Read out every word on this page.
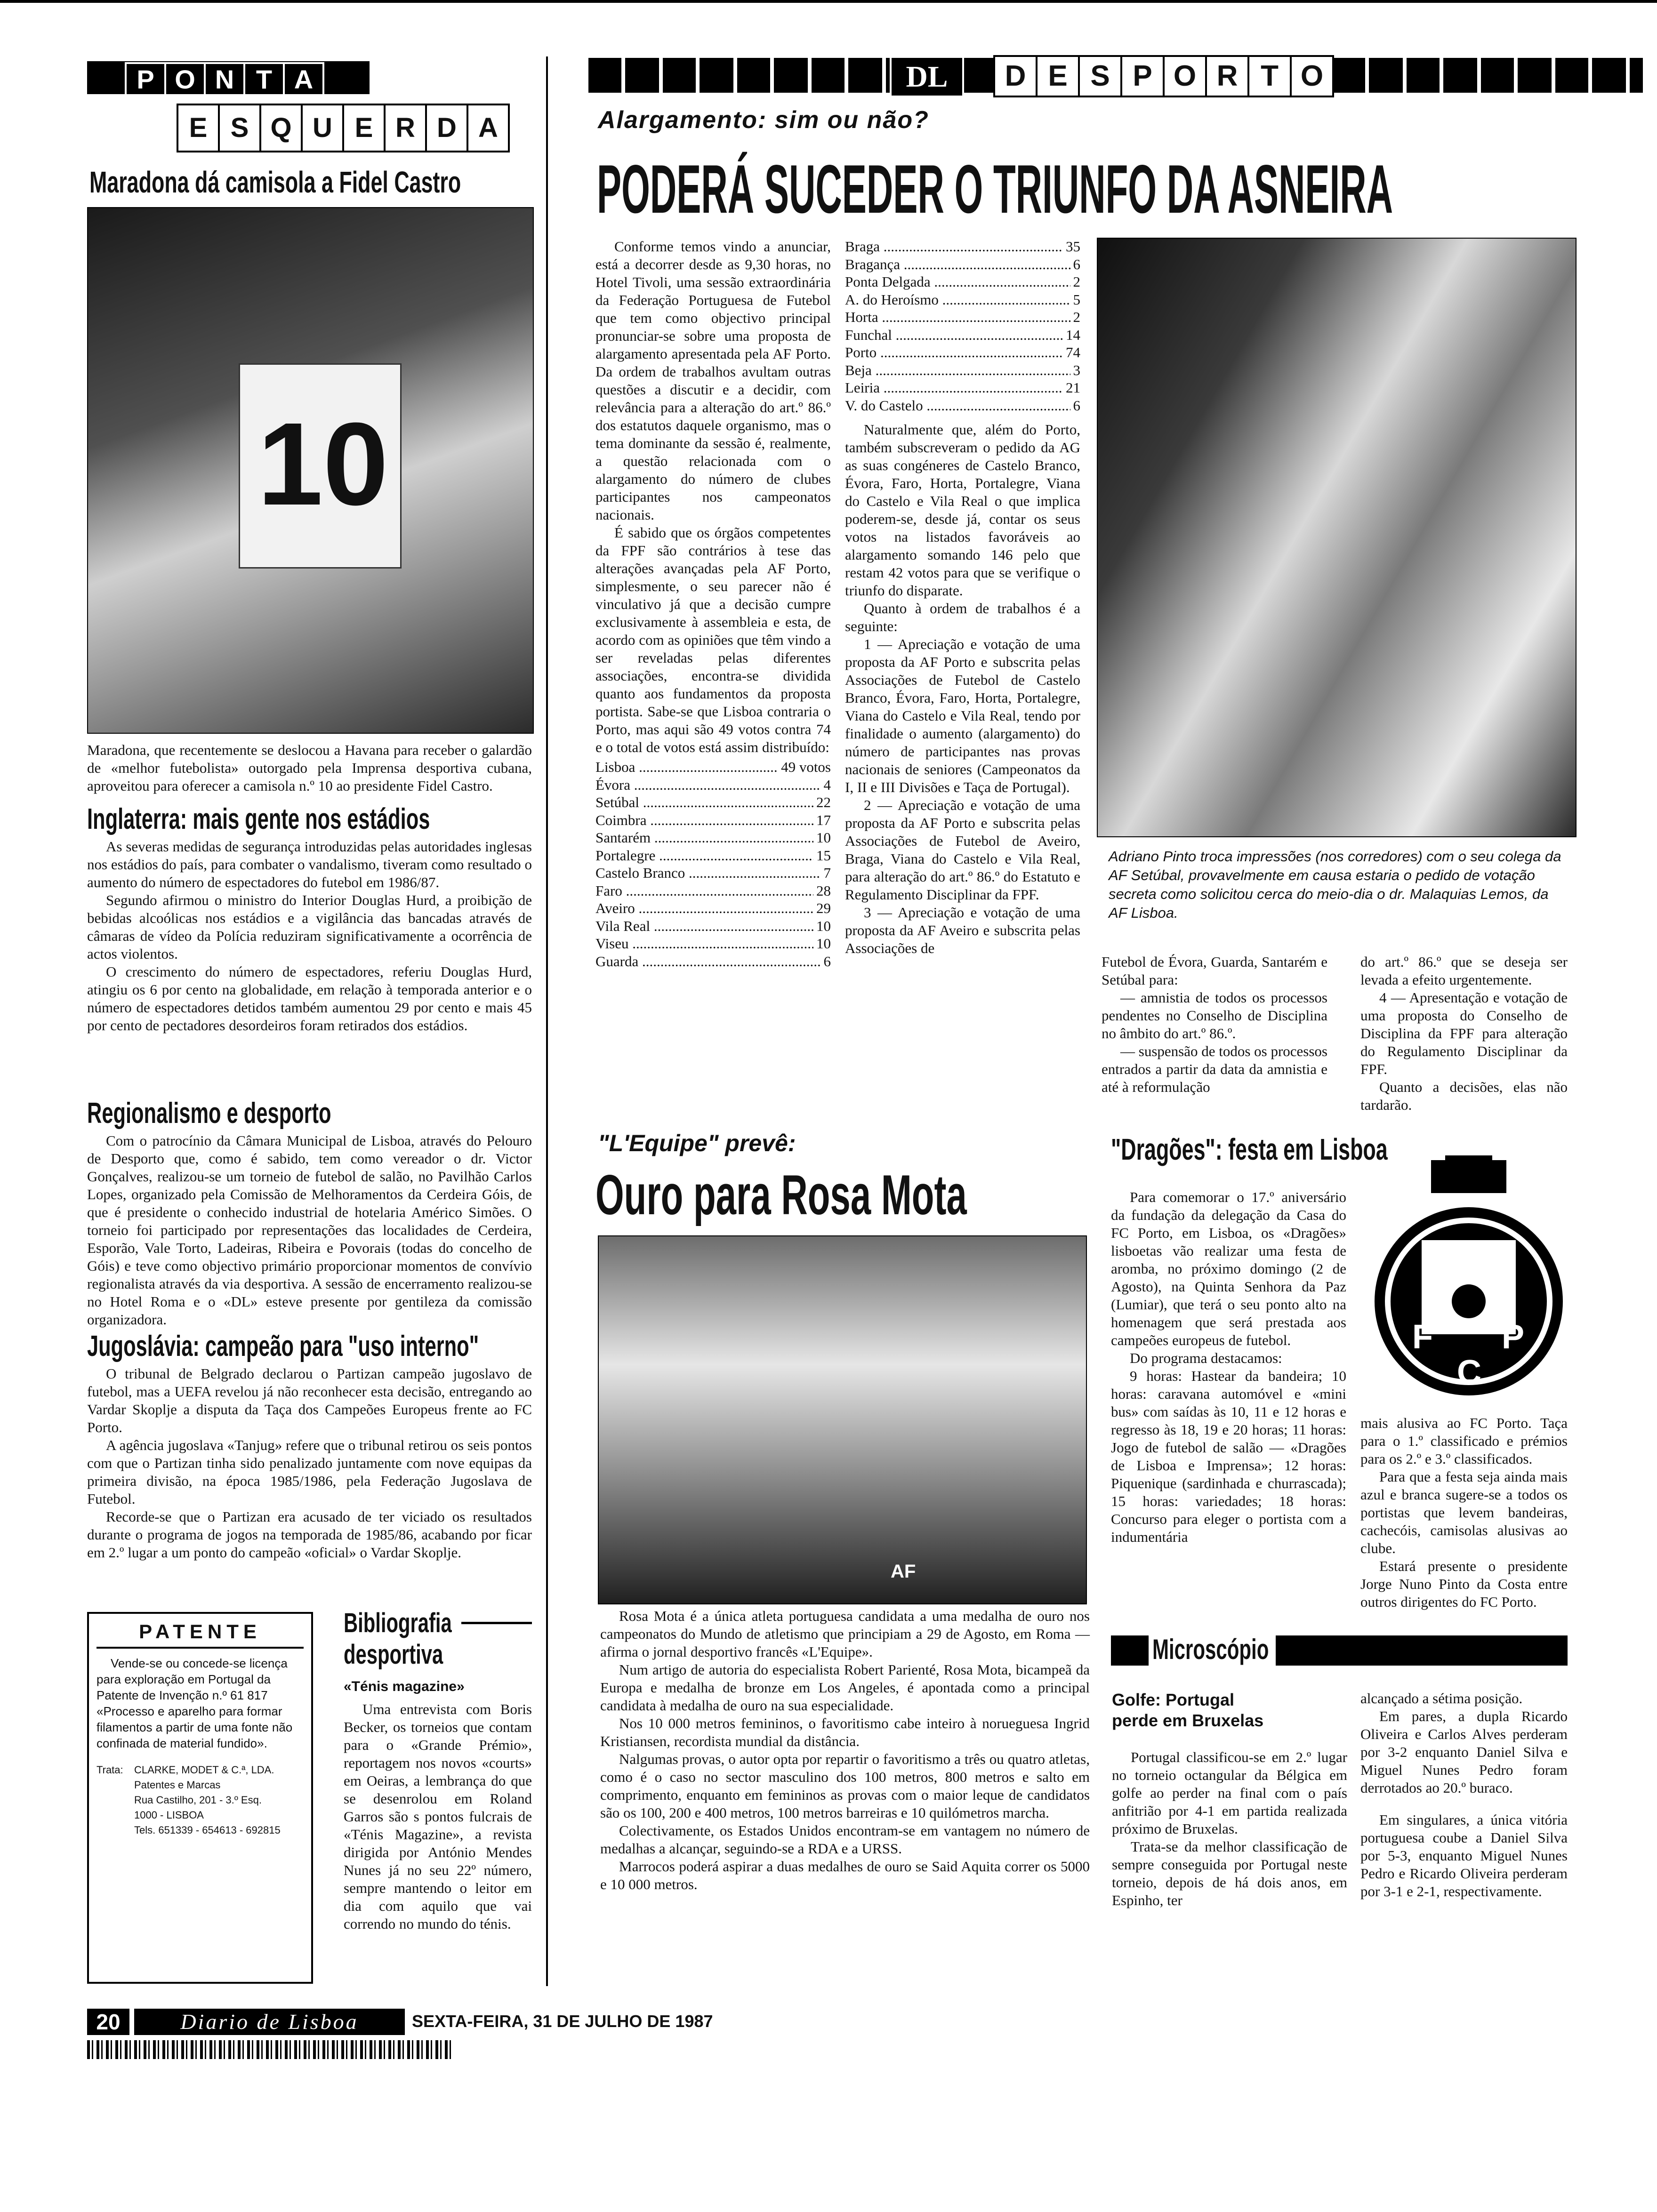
P O N T A
E S Q U E R D A
DL	D E S P O R T O
Maradona dá camisola a Fidel Castro
10
Maradona, que recentemente se deslocou a Havana para receber o galardão de «melhor futebolista» outorgado pela Imprensa desportiva cubana, aproveitou para oferecer a camisola n.º 10 ao presidente Fidel Castro.
Inglaterra: mais gente nos estádios

As severas medidas de segurança introduzidas pelas autoridades inglesas nos estádios do país, para combater o vandalismo, tiveram como resultado o aumento do número de espectadores do futebol em 1986/87.

Segundo afirmou o ministro do Interior Douglas Hurd, a proibição de bebidas alcoólicas nos estádios e a vigilância das bancadas através de câmaras de vídeo da Polícia reduziram significativamente a ocorrência de actos violentos.

O crescimento do número de espectadores, referiu Douglas Hurd, atingiu os 6 por cento na globalidade, em relação à temporada anterior e o número de espectadores detidos também aumentou 29 por cento e mais 45 por cento de pectadores desordeiros foram retirados dos estádios.

Regionalismo e desporto

Com o patrocínio da Câmara Municipal de Lisboa, através do Pelouro de Desporto que, como é sabido, tem como vereador o dr. Victor Gonçalves, realizou-se um torneio de futebol de salão, no Pavilhão Carlos Lopes, organizado pela Comissão de Melhoramentos da Cerdeira Góis, de que é presidente o conhecido industrial de hotelaria Américo Simões. O torneio foi participado por representações das localidades de Cerdeira, Esporão, Vale Torto, Ladeiras, Ribeira e Povorais (todas do concelho de Góis) e teve como objectivo primário proporcionar momentos de convívio regionalista através da via desportiva. A sessão de encerramento realizou-se no Hotel Roma e o «DL» esteve presente por gentileza da comissão organizadora.

Jugoslávia: campeão para "uso interno"

O tribunal de Belgrado declarou o Partizan campeão jugoslavo de futebol, mas a UEFA revelou já não reconhecer esta decisão, entregando ao Vardar Skoplje a disputa da Taça dos Campeões Europeus frente ao FC Porto.

A agência jugoslava «Tanjug» refere que o tribunal retirou os seis pontos com que o Partizan tinha sido penalizado juntamente com nove equipas da primeira divisão, na época 1985/1986, pela Federação Jugoslava de Futebol.

Recorde-se que o Partizan era acusado de ter viciado os resultados durante o programa de jogos na temporada de 1985/86, acabando por ficar em 2.º lugar a um ponto do campeão «oficial» o Vardar Skoplje.

PATENTE
Vende-se ou concede-se licença para exploração em Portugal da Patente de Invenção n.º 61 817 «Processo e aparelho para formar filamentos a partir de uma fonte não confinada de material fundido».
Trata:	CLARKE, MODET & C.ª, LDA.
Patentes e Marcas
Rua Castilho, 201 - 3.º Esq.
1000 - LISBOA
Tels. 651339 - 654613 - 692815
Bibliografia
desportiva
«Ténis magazine»

Uma entrevista com Boris Becker, os torneios que contam para o «Grande Prémio», reportagem nos novos «courts» em Oeiras, a lembrança do que se desenrolou em Roland Garros são s pontos fulcrais de «Ténis Magazine», a revista dirigida por António Mendes Nunes já no seu 22º número, sempre mantendo o leitor em dia com aquilo que vai correndo no mundo do ténis.

Alargamento: sim ou não?
PODERÁ SUCEDER O TRIUNFO DA ASNEIRA

Conforme temos vindo a anunciar, está a decorrer desde as 9,30 horas, no Hotel Tivoli, uma sessão extraordinária da Federação Portuguesa de Futebol que tem como objectivo principal pronunciar-se sobre uma proposta de alargamento apresentada pela AF Porto. Da ordem de trabalhos avultam outras questões a discutir e a decidir, com relevância para a alteração do art.º 86.º dos estatutos daquele organismo, mas o tema dominante da sessão é, realmente, a questão relacionada com o alargamento do número de clubes participantes nos campeonatos nacionais.

É sabido que os órgãos competentes da FPF são contrários à tese das alterações avançadas pela AF Porto, simplesmente, o seu parecer não é vinculativo já que a decisão cumpre exclusivamente à assembleia e esta, de acordo com as opiniões que têm vindo a ser reveladas pelas diferentes associações, encontra-se dividida quanto aos fundamentos da proposta portista. Sabe-se que Lisboa contraria o Porto, mas aqui são 49 votos contra 74 e o total de votos está assim distribuído:

Lisboa .....	49 votos
Évora .....	4
Setúbal .....	22
Coimbra .....	17
Santarém .....	10
Portalegre .....	15
Castelo Branco .....	7
Faro .....	28
Aveiro .....	29
Vila Real .....	10
Viseu .....	10
Guarda .....	6
Braga .....	35
Bragança .....	6
Ponta Delgada .....	2
A. do Heroísmo .....	5
Horta .....	2
Funchal .....	14
Porto .....	74
Beja .....	3
Leiria .....	21
V. do Castelo .....	6

Naturalmente que, além do Porto, também subscreveram o pedido da AG as suas congéneres de Castelo Branco, Évora, Faro, Horta, Portalegre, Viana do Castelo e Vila Real o que implica poderem-se, desde já, contar os seus votos na listados favoráveis ao alargamento somando 146 pelo que restam 42 votos para que se verifique o triunfo do disparate.

Quanto à ordem de trabalhos é a seguinte:

1 — Apreciação e votação de uma proposta da AF Porto e subscrita pelas Associações de Futebol de Castelo Branco, Évora, Faro, Horta, Portalegre, Viana do Castelo e Vila Real, tendo por finalidade o aumento (alargamento) do número de participantes nas provas nacionais de seniores (Campeonatos da I, II e III Divisões e Taça de Portugal).

2 — Apreciação e votação de uma proposta da AF Porto e subscrita pelas Associações de Futebol de Aveiro, Braga, Viana do Castelo e Vila Real, para alteração do art.º 86.º do Estatuto e Regulamento Disciplinar da FPF.

3 — Apreciação e votação de uma proposta da AF Aveiro e subscrita pelas Associações de

Adriano Pinto troca impressões (nos corredores) com o seu colega da AF Setúbal, provavelmente em causa estaria o pedido de votação secreta como solicitou cerca do meio-dia o dr. Malaquias Lemos, da AF Lisboa.

Futebol de Évora, Guarda, Santarém e Setúbal para:

— amnistia de todos os processos pendentes no Conselho de Disciplina no âmbito do art.º 86.º.

— suspensão de todos os processos entrados a partir da data da amnistia e até à reformulação

do art.º 86.º que se deseja ser levada a efeito urgentemente.

4 — Apresentação e votação de uma proposta do Conselho de Disciplina da FPF para alteração do Regulamento Disciplinar da FPF.

Quanto a decisões, elas não tardarão.

"L'Equipe" prevê:
Ouro para Rosa Mota
AF

Rosa Mota é a única atleta portuguesa candidata a uma medalha de ouro nos campeonatos do Mundo de atletismo que principiam a 29 de Agosto, em Roma — afirma o jornal desportivo francês «L'Equipe».

Num artigo de autoria do especialista Robert Parienté, Rosa Mota, bicampeã da Europa e medalha de bronze em Los Angeles, é apontada como a principal candidata à medalha de ouro na sua especialidade.

Nos 10 000 metros femininos, o favoritismo cabe inteiro à norueguesa Ingrid Kristiansen, recordista mundial da distância.

Nalgumas provas, o autor opta por repartir o favoritismo a três ou quatro atletas, como é o caso no sector masculino dos 100 metros, 800 metros e salto em comprimento, enquanto em femininos as provas com o maior leque de candidatos são os 100, 200 e 400 metros, 100 metros barreiras e 10 quilómetros marcha.

Colectivamente, os Estados Unidos encontram-se em vantagem no número de medalhas a alcançar, seguindo-se a RDA e a URSS.

Marrocos poderá aspirar a duas medalhes de ouro se Said Aquita correr os 5000 e 10 000 metros.

"Dragões": festa em Lisboa

Para comemorar o 17.º aniversário da fundação da delegação da Casa do FC Porto, em Lisboa, os «Dragões» lisboetas vão realizar uma festa de aromba, no próximo domingo (2 de Agosto), na Quinta Senhora da Paz (Lumiar), que terá o seu ponto alto na homenagem que será prestada aos campeões europeus de futebol.

Do programa destacamos:

9 horas: Hastear da bandeira; 10 horas: caravana automóvel e «mini bus» com saídas às 10, 11 e 12 horas e regresso às 18, 19 e 20 horas; 11 horas: Jogo de futebol de salão — «Dragões de Lisboa e Imprensa»; 12 horas: Piquenique (sardinhada e churrascada); 15 horas: variedades; 18 horas: Concurso para eleger o portista com a indumentária

F
C
P

mais alusiva ao FC Porto. Taça para o 1.º classificado e prémios para os 2.º e 3.º classificados.

Para que a festa seja ainda mais azul e branca sugere-se a todos os portistas que levem bandeiras, cachecóis, camisolas alusivas ao clube.

Estará presente o presidente Jorge Nuno Pinto da Costa entre outros dirigentes do FC Porto.

Microscópio
Golfe: Portugal
perde em Bruxelas

Portugal classificou-se em 2.º lugar no torneio octangular da Bélgica em golfe ao perder na final com o país anfitrião por 4-1 em partida realizada próximo de Bruxelas.

Trata-se da melhor classificação de sempre conseguida por Portugal neste torneio, depois de há dois anos, em Espinho, ter

alcançado a sétima posição.

Em pares, a dupla Ricardo Oliveira e Carlos Alves perderam por 3-2 enquanto Daniel Silva e Miguel Nunes Pedro foram derrotados ao 20.º buraco.

Em singulares, a única vitória portuguesa coube a Daniel Silva por 5-3, enquanto Miguel Nunes Pedro e Ricardo Oliveira perderam por 3-1 e 2-1, respectivamente.

20	Diario de Lisboa	SEXTA-FEIRA, 31 DE JULHO DE 1987
